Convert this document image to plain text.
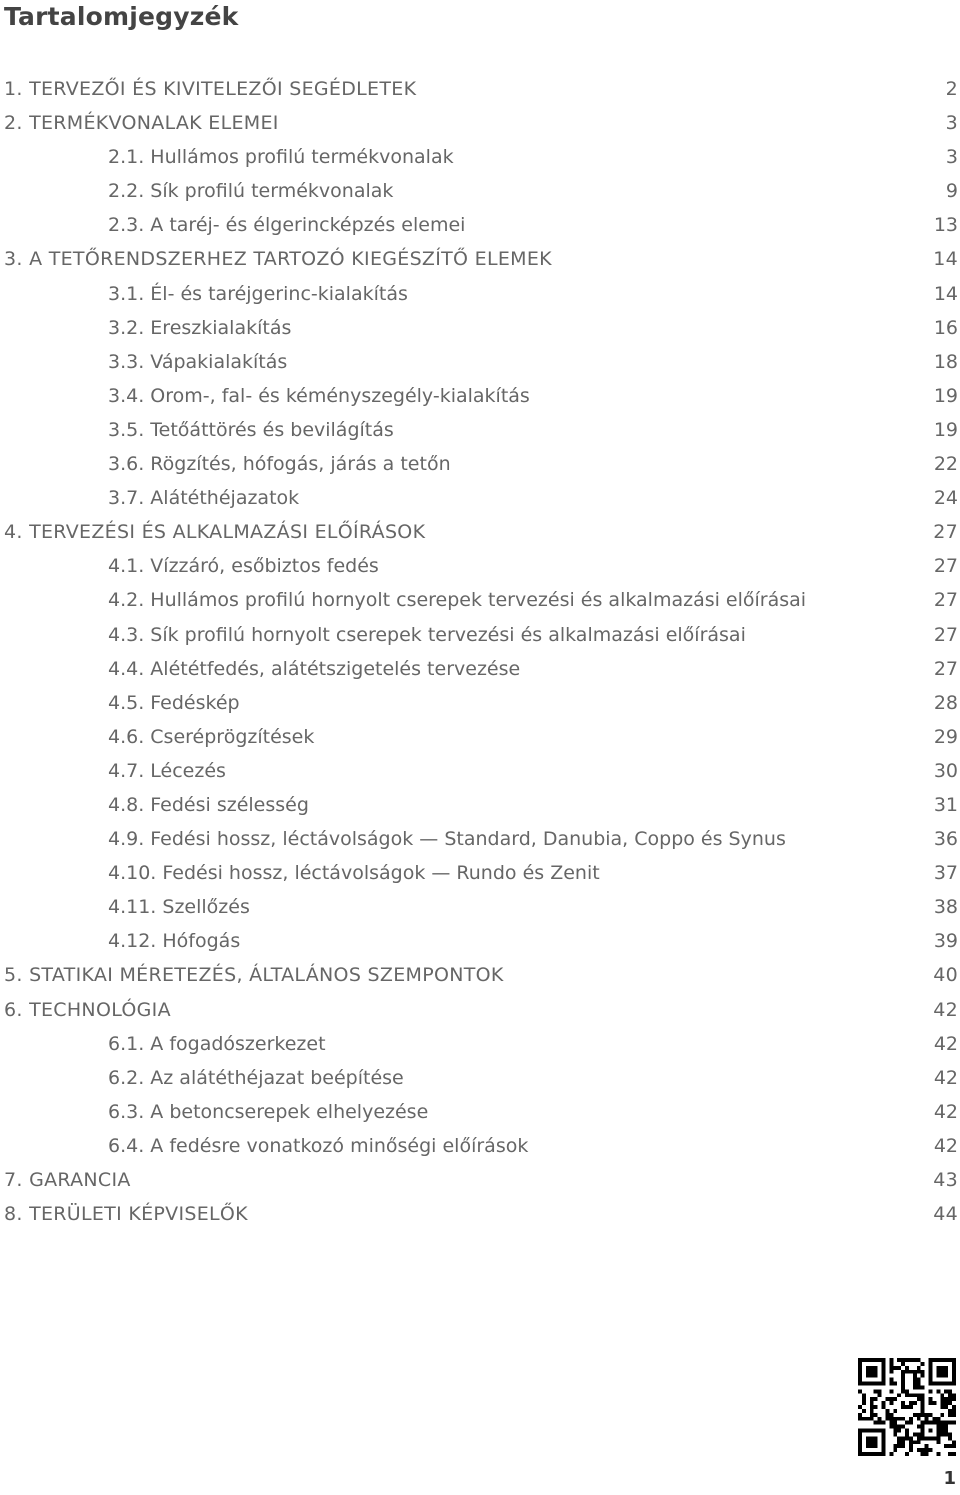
Tartalomjegyzék
1. TERVEZŐI ÉS KIVITELEZŐI SEGÉDLETEK	2
2. TERMÉKVONALAK ELEMEI	3
2.1. Hullámos profilú termékvonalak	3
2.2. Sík profilú termékvonalak	9
2.3. A taréj- és élgerincképzés elemei	13
3. A TETŐRENDSZERHEZ TARTOZÓ KIEGÉSZÍTŐ ELEMEK	14
3.1. Él- és taréjgerinc-kialakítás	14
3.2. Ereszkialakítás	16
3.3. Vápakialakítás	18
3.4. Orom-, fal- és kéményszegély-kialakítás	19
3.5. Tetőáttörés és bevilágítás	19
3.6. Rögzítés, hófogás, járás a tetőn	22
3.7. Alátéthéjazatok	24
4. TERVEZÉSI ÉS ALKALMAZÁSI ELŐÍRÁSOK	27
4.1. Vízzáró, esőbiztos fedés	27
4.2. Hullámos profilú hornyolt cserepek tervezési és alkalmazási előírásai	27
4.3. Sík profilú hornyolt cserepek tervezési és alkalmazási előírásai	27
4.4. Alététfedés, alátétszigetelés tervezése	27
4.5. Fedéskép	28
4.6. Cseréprögzítések	29
4.7. Lécezés	30
4.8. Fedési szélesség	31
4.9. Fedési hossz, léctávolságok — Standard, Danubia, Coppo és Synus	36
4.10. Fedési hossz, léctávolságok — Rundo és Zenit	37
4.11. Szellőzés	38
4.12. Hófogás	39
5. STATIKAI MÉRETEZÉS, ÁLTALÁNOS SZEMPONTOK	40
6. TECHNOLÓGIA	42
6.1. A fogadószerkezet	42
6.2. Az alátéthéjazat beépítése	42
6.3. A betoncserepek elhelyezése	42
6.4. A fedésre vonatkozó minőségi előírások	42
7. GARANCIA	43
8. TERÜLETI KÉPVISELŐK	44
1
